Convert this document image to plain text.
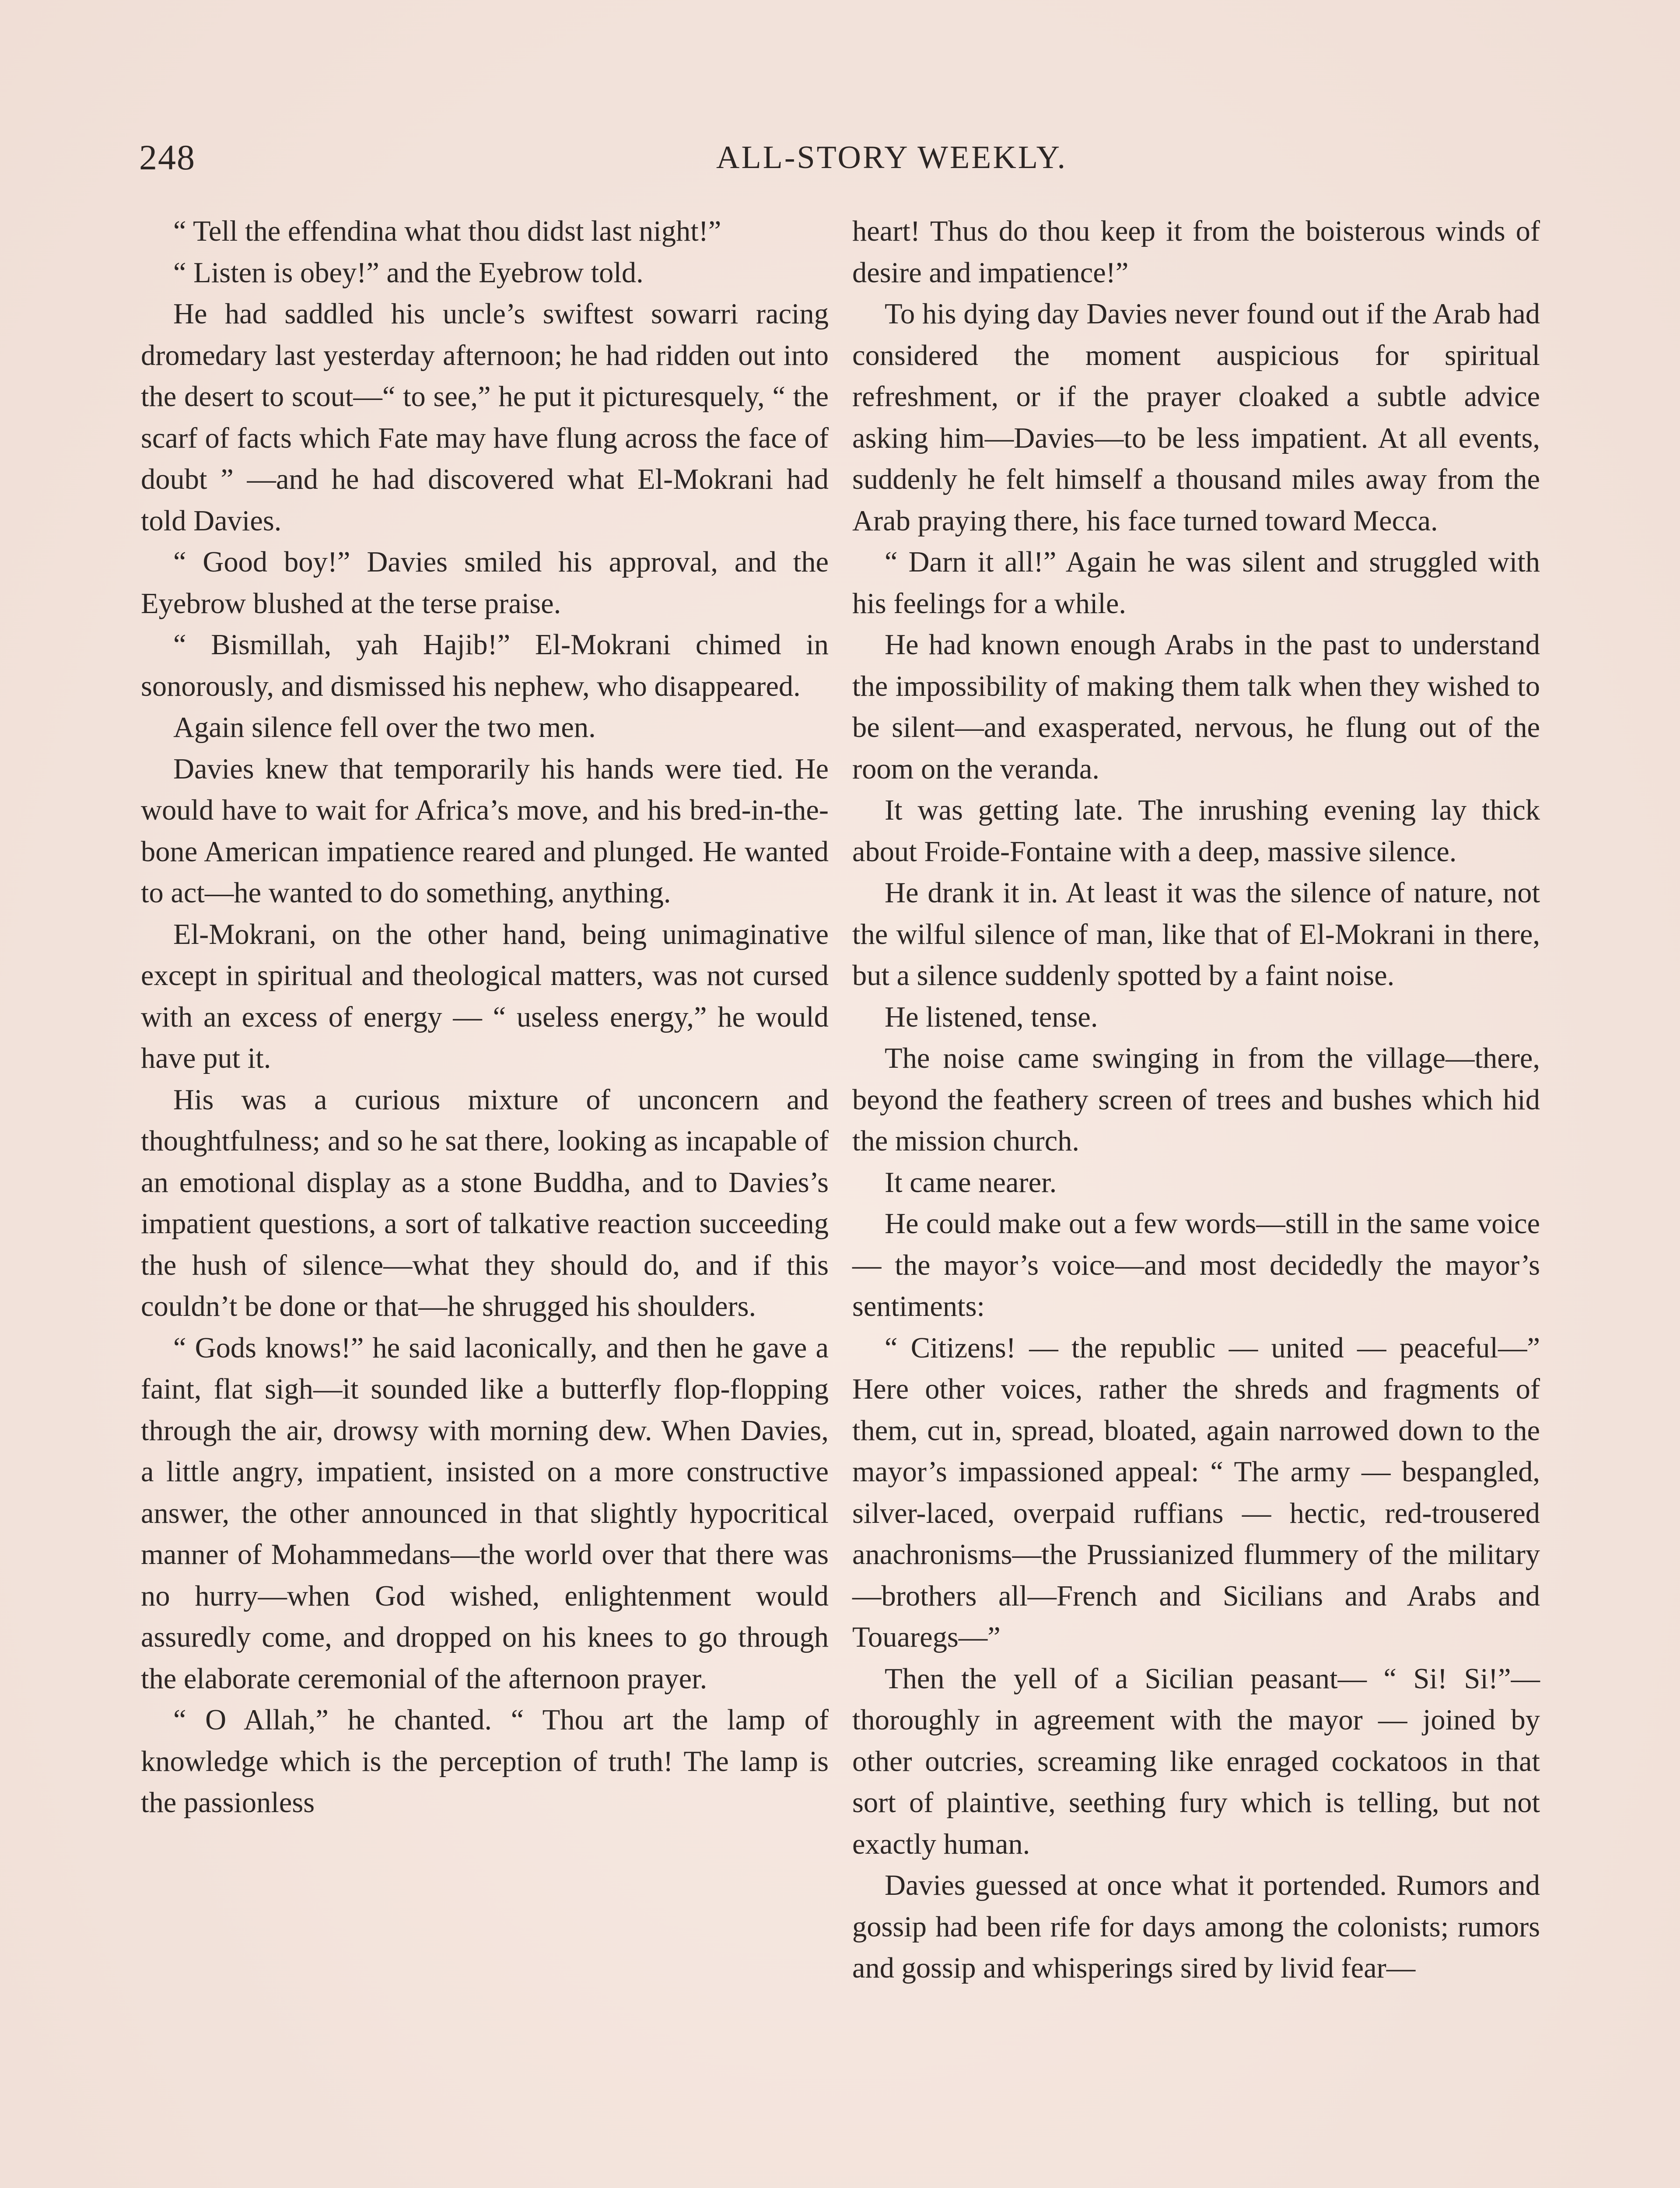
248	ALL-STORY WEEKLY.

“ Tell the effendina what thou didst last night!”

“ Listen is obey!” and the Eyebrow told.

He had saddled his uncle’s swiftest sowarri racing dromedary last yesterday afternoon; he had ridden out into the desert to scout—“ to see,” he put it picturesquely, “ the scarf of facts which Fate may have flung across the face of doubt ” —and he had discovered what El-Mokrani had told Davies.

“ Good boy!” Davies smiled his approval, and the Eyebrow blushed at the terse praise.

“ Bismillah, yah Hajib!” El-Mokrani chimed in sonorously, and dismissed his nephew, who disappeared.

Again silence fell over the two men.

Davies knew that temporarily his hands were tied. He would have to wait for Africa’s move, and his bred-in-the-bone American impatience reared and plunged. He wanted to act—he wanted to do something, anything.

El-Mokrani, on the other hand, being unimaginative except in spiritual and theological matters, was not cursed with an excess of energy — “ useless energy,” he would have put it.

His was a curious mixture of unconcern and thoughtfulness; and so he sat there, looking as incapable of an emotional display as a stone Buddha, and to Davies’s impatient questions, a sort of talkative reaction succeeding the hush of silence—what they should do, and if this couldn’t be done or that—he shrugged his shoulders.

“ Gods knows!” he said laconically, and then he gave a faint, flat sigh—it sounded like a butterfly flop-flopping through the air, drowsy with morning dew. When Davies, a little angry, impatient, insisted on a more constructive answer, the other announced in that slightly hypocritical manner of Mohammedans—the world over that there was no hurry—when God wished, enlightenment would assuredly come, and dropped on his knees to go through the elaborate ceremonial of the afternoon prayer.

“ O Allah,” he chanted. “ Thou art the lamp of knowledge which is the perception of truth! The lamp is the passionless

heart! Thus do thou keep it from the boisterous winds of desire and impatience!”

To his dying day Davies never found out if the Arab had considered the moment auspicious for spiritual refreshment, or if the prayer cloaked a subtle advice asking him—Davies—to be less impatient. At all events, suddenly he felt himself a thousand miles away from the Arab praying there, his face turned toward Mecca.

“ Darn it all!” Again he was silent and struggled with his feelings for a while.

He had known enough Arabs in the past to understand the impossibility of making them talk when they wished to be silent—and exasperated, nervous, he flung out of the room on the veranda.

It was getting late. The inrushing evening lay thick about Froide-Fontaine with a deep, massive silence.

He drank it in. At least it was the silence of nature, not the wilful silence of man, like that of El-Mokrani in there, but a silence suddenly spotted by a faint noise.

He listened, tense.

The noise came swinging in from the village—there, beyond the feathery screen of trees and bushes which hid the mission church.

It came nearer.

He could make out a few words—still in the same voice — the mayor’s voice—and most decidedly the mayor’s sentiments:

“ Citizens! — the republic — united — peaceful—” Here other voices, rather the shreds and fragments of them, cut in, spread, bloated, again narrowed down to the mayor’s impassioned appeal: “ The army — bespangled, silver-laced, overpaid ruffians — hectic, red-trousered anachronisms—the Prussianized flummery of the military—brothers all—French and Sicilians and Arabs and Touaregs—”

Then the yell of a Sicilian peasant— “ Si! Si!”—thoroughly in agreement with the mayor — joined by other outcries, screaming like enraged cockatoos in that sort of plaintive, seething fury which is telling, but not exactly human.

Davies guessed at once what it portended. Rumors and gossip had been rife for days among the colonists; rumors and gossip and whisperings sired by livid fear—
